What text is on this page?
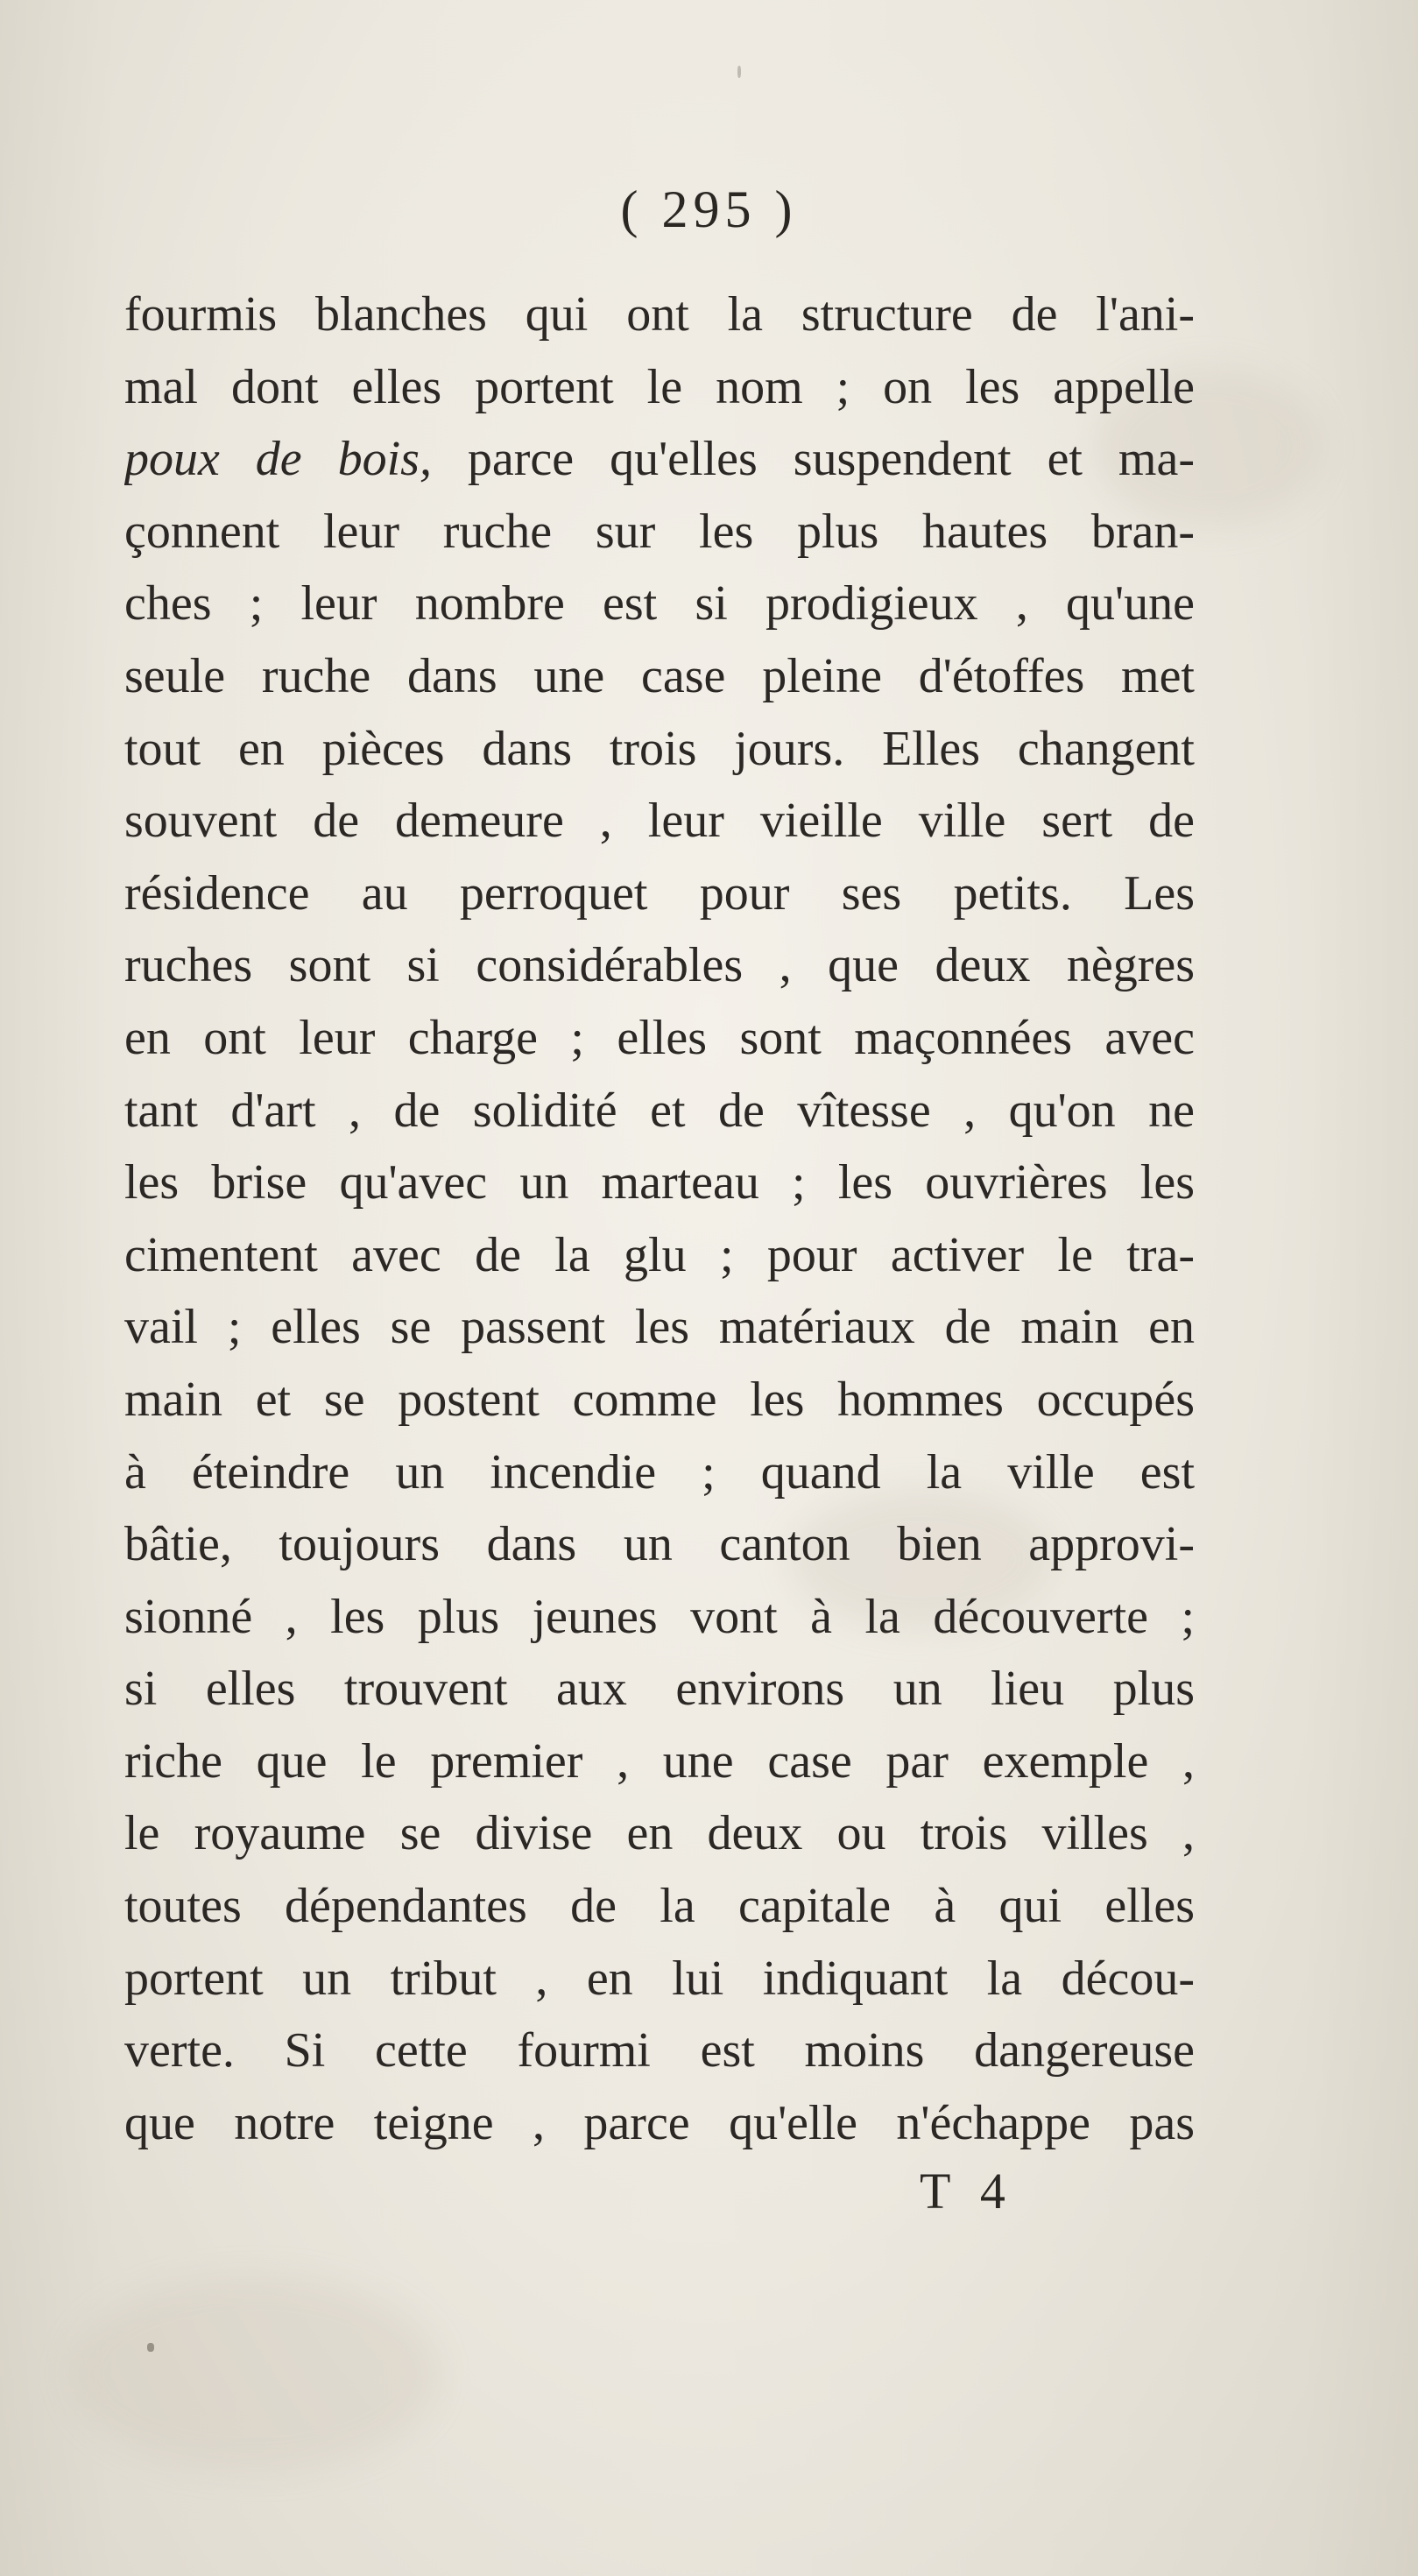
( 295 )
fourmis blanches qui ont la structure de l'ani-
mal dont elles portent le nom ; on les appelle
poux de bois, parce qu'elles suspendent et ma-
çonnent leur ruche sur les plus hautes bran-
ches ; leur nombre est si prodigieux , qu'une
seule ruche dans une case pleine d'étoffes met
tout en pièces dans trois jours. Elles changent
souvent de demeure , leur vieille ville sert de
résidence au perroquet pour ses petits. Les
ruches sont si considérables , que deux nègres
en ont leur charge ; elles sont maçonnées avec
tant d'art , de solidité et de vîtesse , qu'on ne
les brise qu'avec un marteau ; les ouvrières les
cimentent avec de la glu ; pour activer le tra-
vail ; elles se passent les matériaux de main en
main et se postent comme les hommes occupés
à éteindre un incendie ; quand la ville est
bâtie, toujours dans un canton bien approvi-
sionné , les plus jeunes vont à la découverte ;
si elles trouvent aux environs un lieu plus
riche que le premier , une case par exemple ,
le royaume se divise en deux ou trois villes ,
toutes dépendantes de la capitale à qui elles
portent un tribut , en lui indiquant la décou-
verte. Si cette fourmi est moins dangereuse
que notre teigne , parce qu'elle n'échappe pas
T 4
